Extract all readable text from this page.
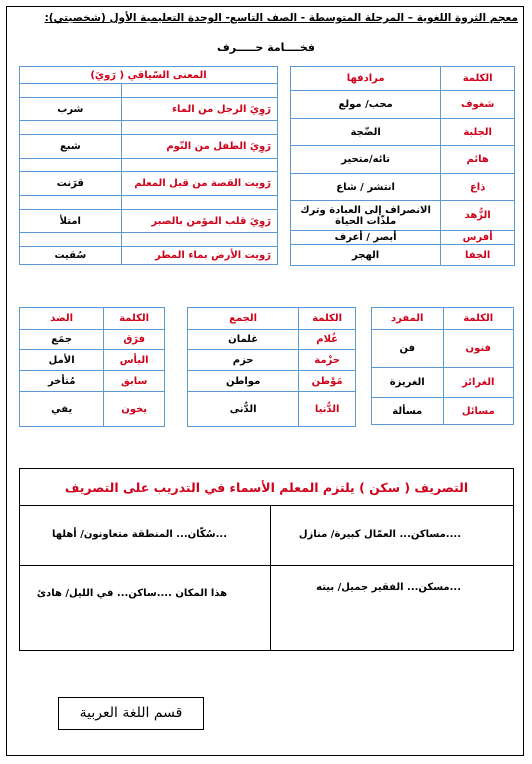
معجم الثروة اللغوية – المرحلة المتوسطة - الصف التاسع- الوحدة التعليمية الأول (شخصيتي):
فخــــامة حـــــرف
الكلمة	مرادفها
شغوف	محب/ مولع
الجلبة	الضّجة
هائم	تائه/متحير
ذاع	انتشر / شاع
الزُّهد	الانصراف إلى العبادة وترك ملذّات الحياة
أفرس	أبصر / أعرف
الجفا	الهجر
المعنى السّياقي ( رَويَ)	

رَوِيَ الرجل من الماء	شرب

رَوِيَ الطفل من النّوم	شبع

رَويت القصة من قبل المعلم	قرَنت

رَوِيَ قلب المؤمن بالصبر	امتلأ

رَويت الأرض بماء المطر	سُقيت
الكلمة	المفرد
فنون	فن
الغرائز	الغريزة
مسائل	مسألة
الكلمة	الجمع
غُلام	غلمان
حزْمة	حزم
مَوْطن	مواطن
الدُّنيا	الدُّنى
الكلمة	الضد
فرَق	جمَع
اليأس	الأمل
سابق	مُتأخر
يخون	يفي
التصريف ( سكن ) يلتزم المعلم الأسماء في التدريب على التصريف
....مساكن... العمّال كبيرة/ منازل
...سُكّان... المنطقة متعاونون/ أهلها
...مسكن... الفقير جميل/ بيته
هذا المكان ....ساكن... في الليل/ هادئ
قسم اللغة العربية
